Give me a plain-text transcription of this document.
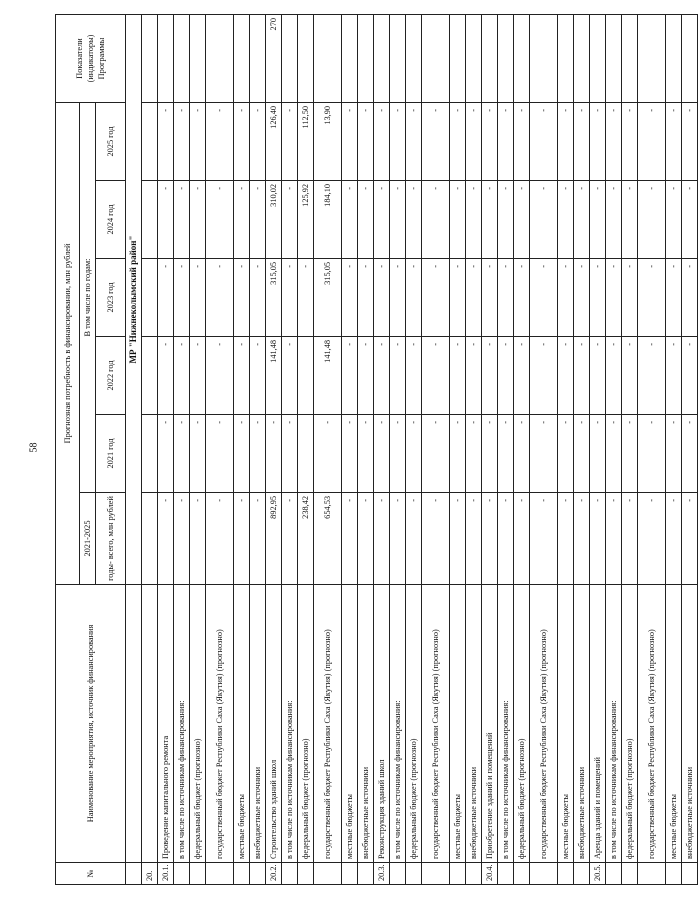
58
№	Наименование мероприятия, источник финансирования	Прогнозная потребность в финансировании, млн рублей						Показатели (индикаторы) Программы
		2021-2025	В том числе по годам:					
		годы- всего, млн рублей	2021 год	2022 год	2023 год	2024 год	2025 год	
		МР "Нижнеколымский район"						
20.								
20.1.	Проведение капитального ремонта	-	-	-	-	-	-	
	в том числе по источникам финансирования:	-	-	-	-	-	-	
	федеральный бюджет (прогнозно)	-	-	-	-	-	-	
	государственный бюджет Республики Саха (Якутия) (прогнозно)	-	-	-	-	-	-	
	местные бюджеты	-	-	-	-	-	-	
	внебюджетные источники	-	-	-	-	-	-	
20.2.	Строительство зданий школ	892,95	-	141,48	315,05	310,02	126,40	270
	в том числе по источникам финансирования:	-	-	-	-	-	-	
	федеральный бюджет (прогнозно)	238,42			-	125,92	112,50	
	государственный бюджет Республики Саха (Якутия) (прогнозно)	654,53	-	141,48	315,05	184,10	13,90	
	местные бюджеты	-	-	-	-	-	-	
	внебюджетные источники	-	-	-	-	-	-	
20.3.	Реконструкция зданий школ	-	-	-	-	-	-	
	в том числе по источникам финансирования:	-	-	-	-	-	-	
	федеральный бюджет (прогнозно)	-	-	-	-	-	-	
	государственный бюджет Республики Саха (Якутия) (прогнозно)	-	-	-	-	-	-	
	местные бюджеты	-	-	-	-	-	-	
	внебюджетные источники	-	-	-	-	-	-	
20.4.	Приобретение зданий и помещений	-	-	-	-	-	-	
	в том числе по источникам финансирования:	-	-	-	-	-	-	
	федеральный бюджет (прогнозно)	-	-	-	-	-	-	
	государственный бюджет Республики Саха (Якутия) (прогнозно)	-	-	-	-	-	-	
	местные бюджеты	-	-	-	-	-	-	
	внебюджетные источники	-	-	-	-	-	-	
20.5.	Аренда зданий и помещений	-	-	-	-	-	-	
	в том числе по источникам финансирования:	-	-	-	-	-	-	
	федеральный бюджет (прогнозно)	-	-	-	-	-	-	
	государственный бюджет Республики Саха (Якутия) (прогнозно)	-	-	-	-	-	-	
	местные бюджеты	-	-	-	-	-	-	
	внебюджетные источники	-	-	-	-	-	-	
